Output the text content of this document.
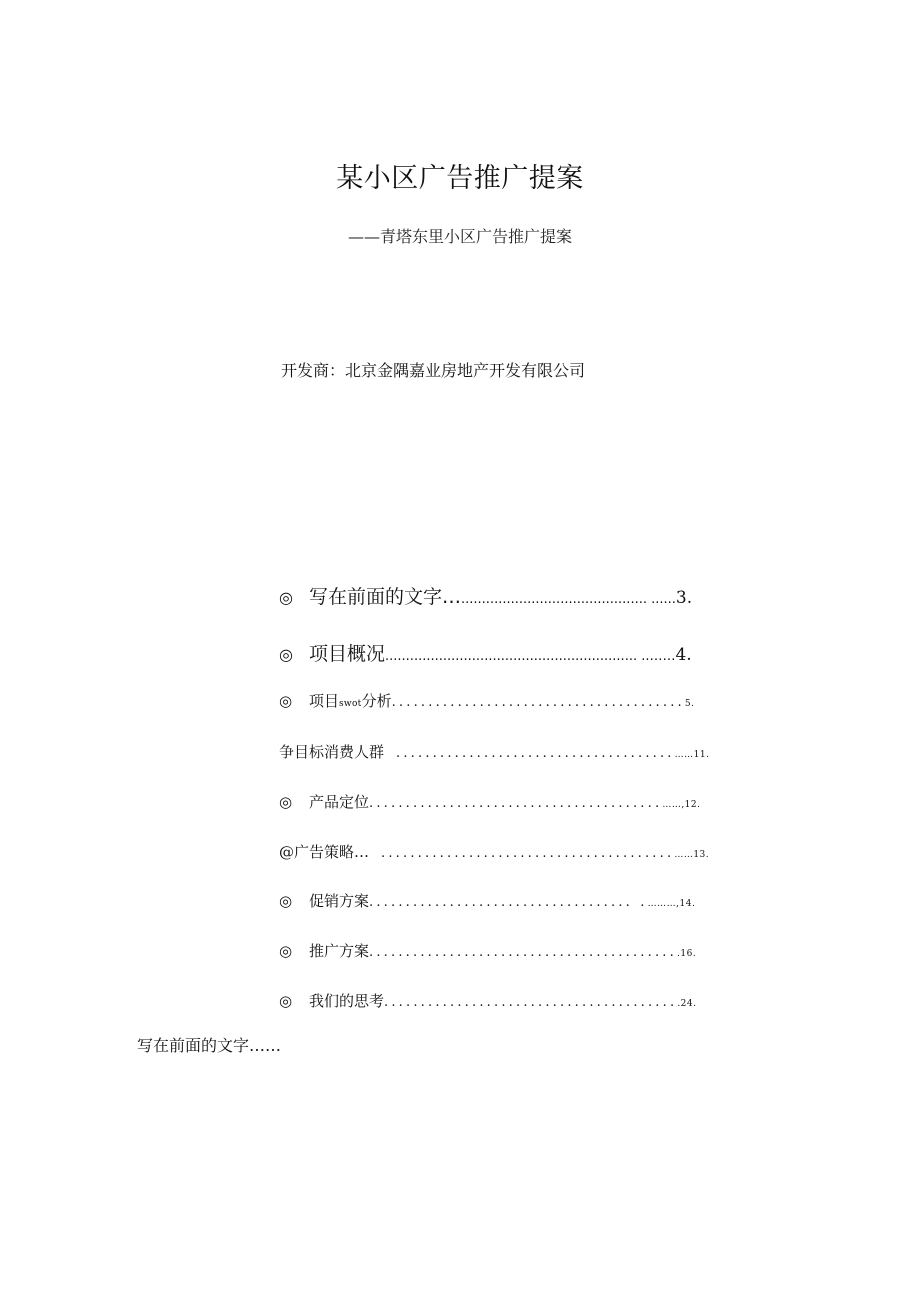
某小区广告推广提案
——青塔东里小区广告推广提案
开发商：北京金隅嘉业房地产开发有限公司
◎ 写在前面的文字… ............................................. ...... 3.
◎ 项目概况 ............................................................. ..…… 4.
◎	项目 swot 分析 ........................................ 5.
争目标消费人群 ...................................... ……11.
◎	产品定位 ........................................ ……,12.
@广告策略… ........................................ ……13.
◎	促销方案 .................................... . ………,14.
◎	推广方案 .......................................... .16.
◎	我们的思考 ........................................ .24.
写在前面的文字……
